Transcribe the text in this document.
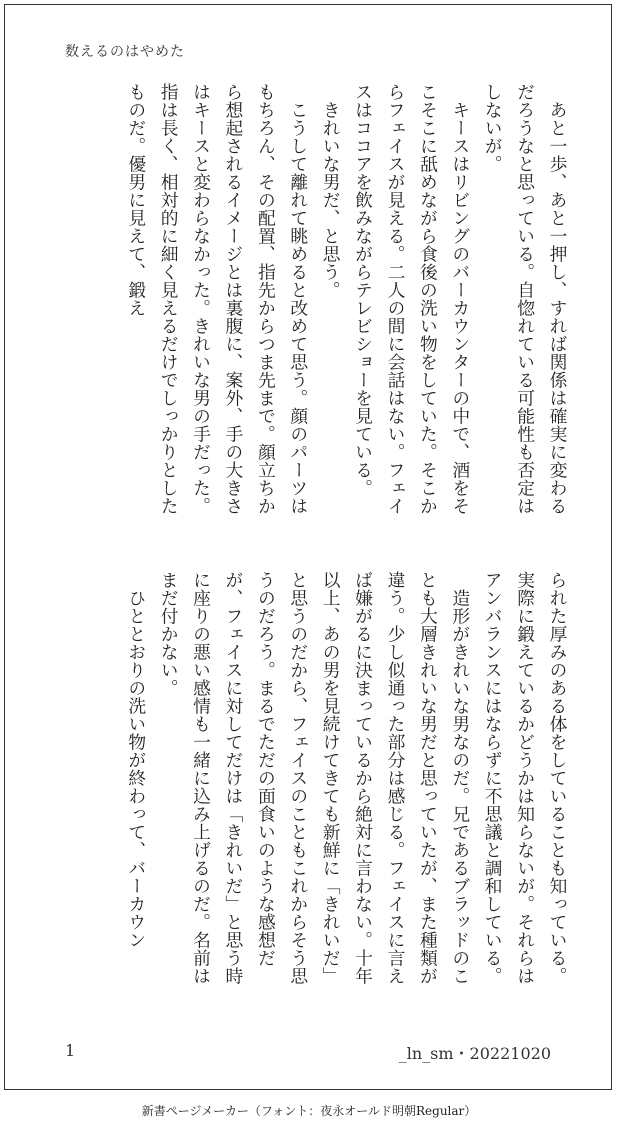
数えるのはやめた

　あと一歩、あと一押し、すれば関係は確実に変わるだろうなと思っている。自惚れている可能性も否定はしないが。

　キースはリビングのバーカウンターの中で、酒をそこそこに舐めながら食後の洗い物をしていた。そこからフェイスが見える。二人の間に会話はない。フェイスはココアを飲みながらテレビショーを見ている。

　きれいな男だ、と思う。

　こうして離れて眺めると改めて思う。顔のパーツはもちろん、その配置、指先からつま先まで。顔立ちから想起されるイメージとは裏腹に、案外、手の大きさはキースと変わらなかった。きれいな男の手だった。指は長く、相対的に細く見えるだけでしっかりとしたものだ。優男に見えて、鍛え

られた厚みのある体をしていることも知っている。実際に鍛えているかどうかは知らないが。それらはアンバランスにはならずに不思議と調和している。

　造形がきれいな男なのだ。兄であるブラッドのことも大層きれいな男だと思っていたが、また種類が違う。少し似通った部分は感じる。フェイスに言えば嫌がるに決まっているから絶対に言わない。十年以上、あの男を見続けてきても新鮮に「きれいだ」と思うのだから、フェイスのこともこれからそう思うのだろう。まるでただの面食いのような感想だが、フェイスに対してだけは「きれいだ」と思う時に座りの悪い感情も一緒に込み上げるのだ。名前はまだ付かない。

　ひととおりの洗い物が終わって、バーカウン

1	_ln_sm・20221020
新書ページメーカー（フォント：夜永オールド明朝Regular）
